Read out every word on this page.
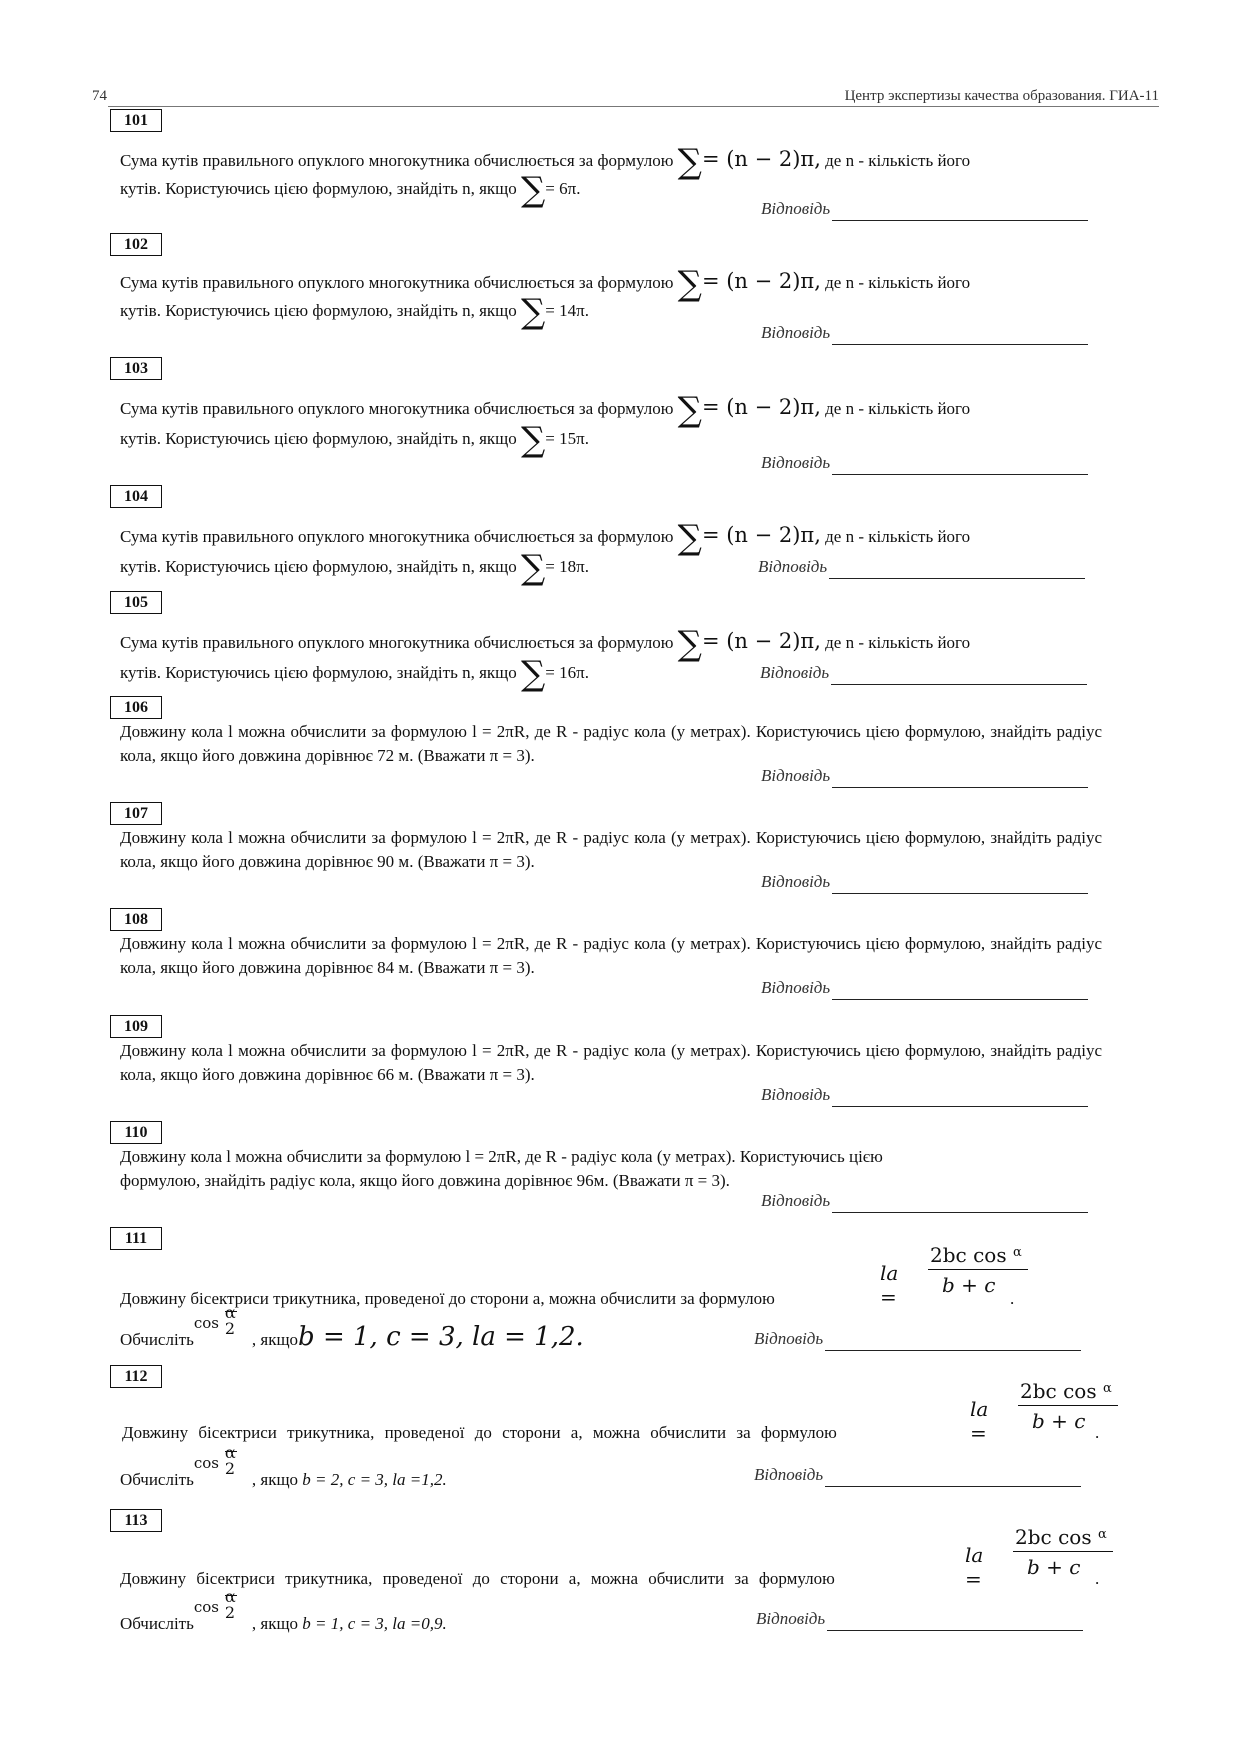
74	Центр экспертизы качества образования. ГИА-11
101
Сума кутів правильного опуклого многокутника обчислюється за формулою ∑= (n − 2)π, де n - кількість його
кутів. Користуючись цією формулою, знайдіть n, якщо ∑= 6π.
Відповідь
102
Сума кутів правильного опуклого многокутника обчислюється за формулою ∑= (n − 2)π, де n - кількість його
кутів. Користуючись цією формулою, знайдіть n, якщо ∑= 14π.
Відповідь
103
Сума кутів правильного опуклого многокутника обчислюється за формулою ∑= (n − 2)π, де n - кількість його
кутів. Користуючись цією формулою, знайдіть n, якщо ∑= 15π.
Відповідь
104
Сума кутів правильного опуклого многокутника обчислюється за формулою ∑= (n − 2)π, де n - кількість його
кутів. Користуючись цією формулою, знайдіть n, якщо ∑= 18π.	Відповідь
105
Сума кутів правильного опуклого многокутника обчислюється за формулою ∑= (n − 2)π, де n - кількість його
кутів. Користуючись цією формулою, знайдіть n, якщо ∑= 16π.	Відповідь
106
Довжину кола l можна обчислити за формулою l = 2πR, де R - радіус кола (у метрах). Користуючись цією формулою, знайдіть радіус кола, якщо його довжина дорівнює 72 м. (Вважати π = 3).
Відповідь
107
Довжину кола l можна обчислити за формулою l = 2πR, де R - радіус кола (у метрах). Користуючись цією формулою, знайдіть радіус кола, якщо його довжина дорівнює 90 м. (Вважати π = 3).
Відповідь
108
Довжину кола l можна обчислити за формулою l = 2πR, де R - радіус кола (у метрах). Користуючись цією формулою, знайдіть радіус кола, якщо його довжина дорівнює 84 м. (Вважати π = 3).
Відповідь
109
Довжину кола l можна обчислити за формулою l = 2πR, де R - радіус кола (у метрах). Користуючись цією формулою, знайдіть радіус кола, якщо його довжина дорівнює 66 м. (Вважати π = 3).
Відповідь
110
Довжину кола l можна обчислити за формулою l = 2πR, де R - радіус кола (у метрах). Користуючись цією
формулою, знайдіть радіус кола, якщо його довжина дорівнює 96м. (Вважати π = 3).
Відповідь
111
la =
2bc cos $^\alpha$
b + c
Довжину бісектриси трикутника, проведеної до сторони a, можна обчислити за формулою	.
Обчисліть
cos
α
2
, якщоb = 1, c = 3, la = 1,2.	Відповідь
112
la =
2bc cos $^\alpha$
b + c
Довжину бісектриси трикутника, проведеної до сторони a, можна обчислити за формулою	.
Обчисліть
cos
α
2
, якщо b = 2, c = 3, la =1,2.	Відповідь
113
la =
2bc cos $^\alpha$
b + c
Довжину бісектриси трикутника, проведеної до сторони a, можна обчислити за формулою	.
Обчисліть
cos
α
2
, якщо b = 1, c = 3, la =0,9.	Відповідь
